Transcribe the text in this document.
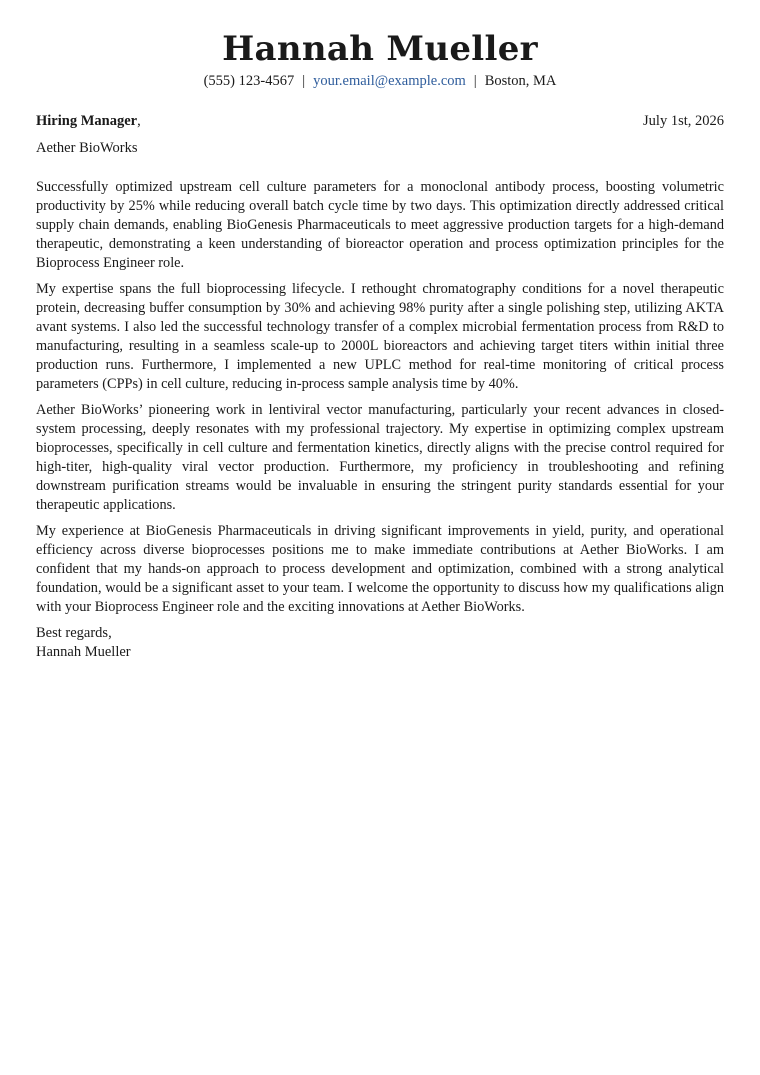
Hannah Mueller
(555) 123-4567 | your.email@example.com | Boston, MA
Hiring Manager,	July 1st, 2026
Aether BioWorks

Successfully optimized upstream cell culture parameters for a monoclonal antibody process, boosting volumetric productivity by 25% while reducing overall batch cycle time by two days. This optimization directly addressed critical supply chain demands, enabling BioGenesis Pharmaceuticals to meet aggressive production targets for a high-demand therapeutic, demonstrating a keen understanding of bioreactor operation and process optimization principles for the Bioprocess Engineer role.

My expertise spans the full bioprocessing lifecycle. I rethought chromatography conditions for a novel therapeutic protein, decreasing buffer consumption by 30% and achieving 98% purity after a single polishing step, utilizing AKTA avant systems. I also led the successful technology transfer of a complex microbial fermentation process from R&D to manufacturing, resulting in a seamless scale-up to 2000L bioreactors and achieving target titers within initial three production runs. Furthermore, I implemented a new UPLC method for real-time monitoring of critical process parameters (CPPs) in cell culture, reducing in-process sample analysis time by 40%.

Aether BioWorks’ pioneering work in lentiviral vector manufacturing, particularly your recent advances in closed-system processing, deeply resonates with my professional trajectory. My expertise in optimizing complex upstream bioprocesses, specifically in cell culture and fermentation kinetics, directly aligns with the precise control required for high-titer, high-quality viral vector production. Furthermore, my proficiency in troubleshooting and refining downstream purification streams would be invaluable in ensuring the stringent purity standards essential for your therapeutic applications.

My experience at BioGenesis Pharmaceuticals in driving significant improvements in yield, purity, and operational efficiency across diverse bioprocesses positions me to make immediate contributions at Aether BioWorks. I am confident that my hands-on approach to process development and optimization, combined with a strong analytical foundation, would be a significant asset to your team. I welcome the opportunity to discuss how my qualifications align with your Bioprocess Engineer role and the exciting innovations at Aether BioWorks.

Best regards,
Hannah Mueller
